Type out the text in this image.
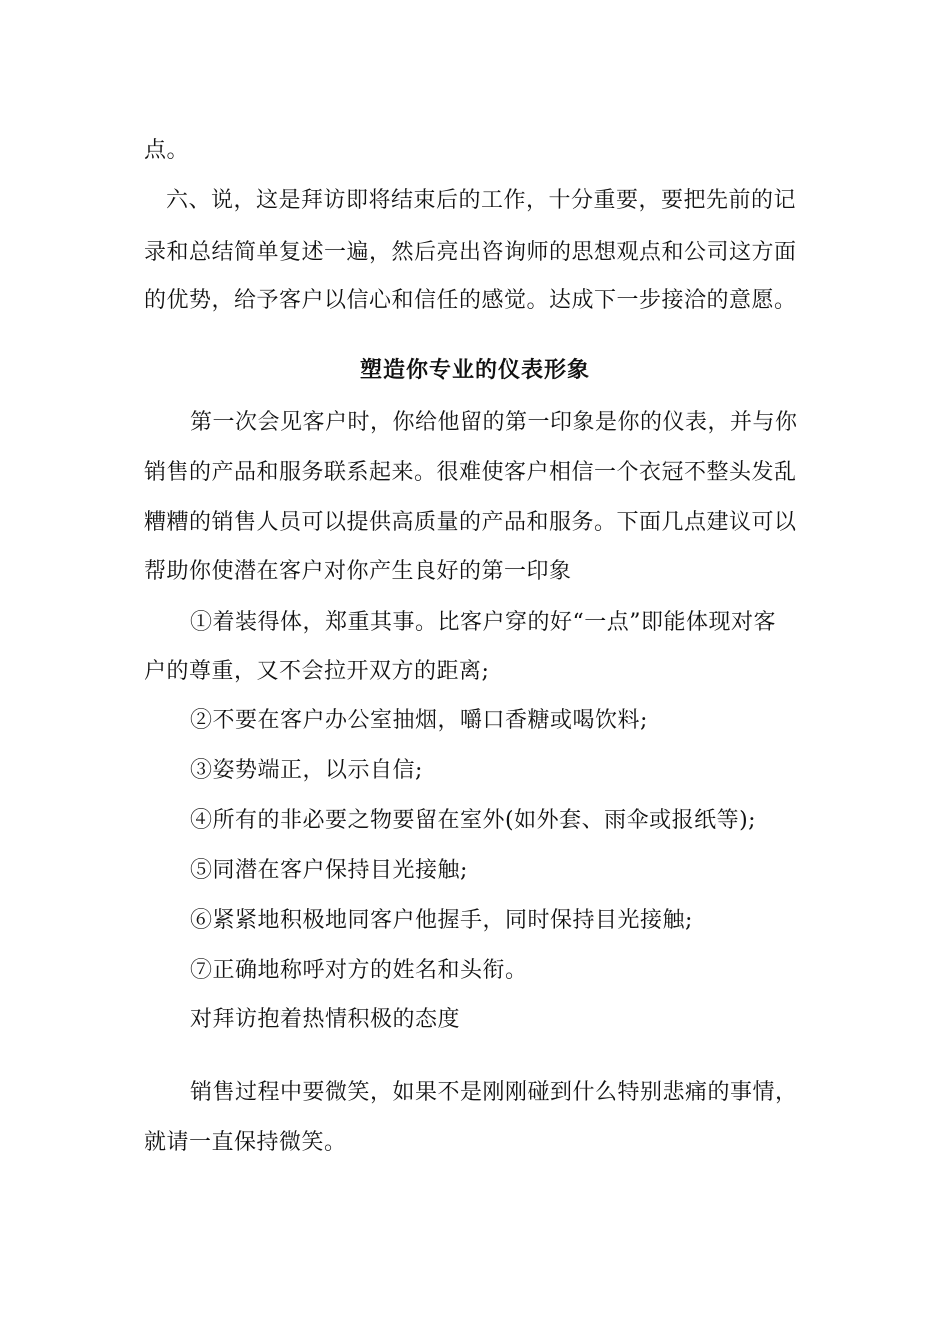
点。
六、说，这是拜访即将结束后的工作，十分重要，要把先前的记
录和总结简单复述一遍，然后亮出咨询师的思想观点和公司这方面
的优势，给予客户以信心和信任的感觉。达成下一步接洽的意愿。
塑造你专业的仪表形象
第一次会见客户时，你给他留的第一印象是你的仪表，并与你
销售的产品和服务联系起来。很难使客户相信一个衣冠不整头发乱
糟糟的销售人员可以提供高质量的产品和服务。下面几点建议可以
帮助你使潜在客户对你产生良好的第一印象
①着装得体，郑重其事。比客户穿的好“一点”即能体现对客
户的尊重，又不会拉开双方的距离;
②不要在客户办公室抽烟，嚼口香糖或喝饮料;
③姿势端正，以示自信;
④所有的非必要之物要留在室外(如外套、雨伞或报纸等);
⑤同潜在客户保持目光接触;
⑥紧紧地积极地同客户他握手，同时保持目光接触;
⑦正确地称呼对方的姓名和头衔。
对拜访抱着热情积极的态度
销售过程中要微笑，如果不是刚刚碰到什么特别悲痛的事情，
就请一直保持微笑。
